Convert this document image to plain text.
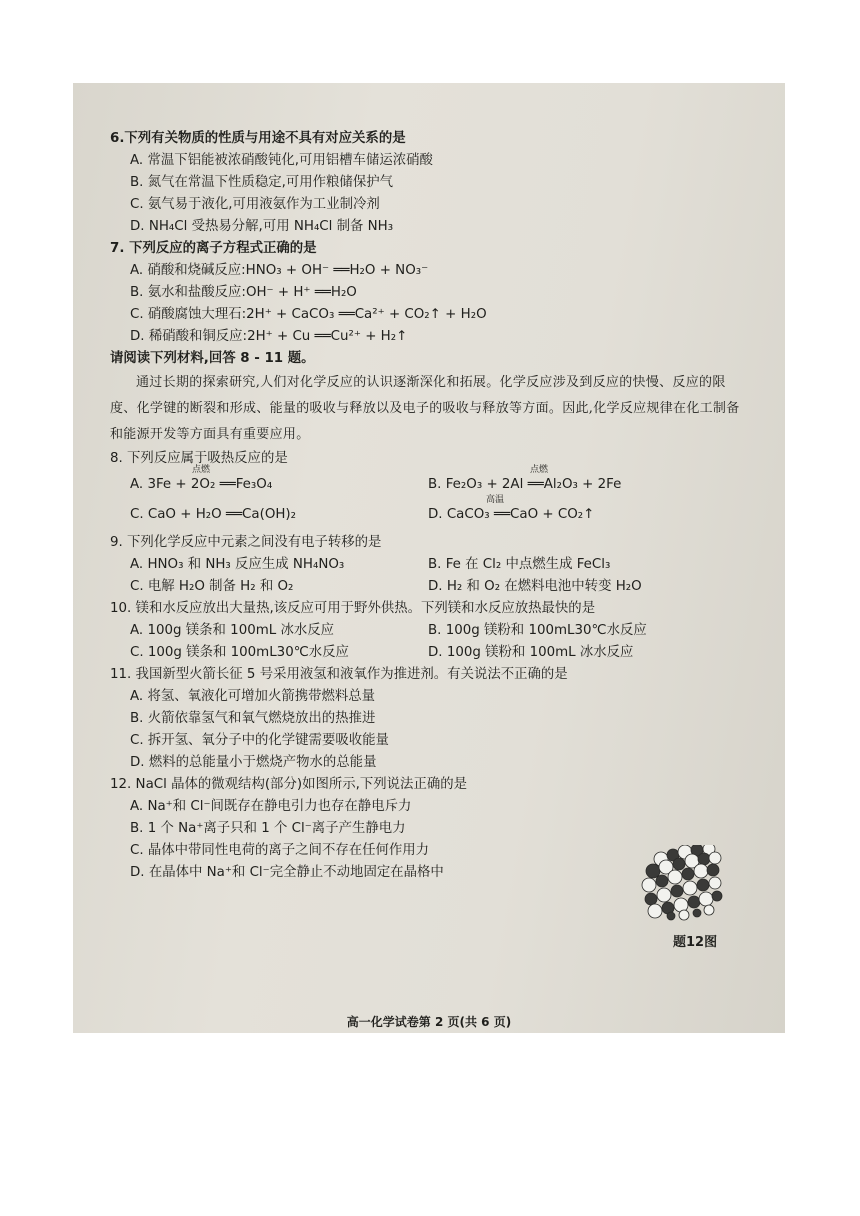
6.下列有关物质的性质与用途不具有对应关系的是
A. 常温下铝能被浓硝酸钝化,可用铝槽车储运浓硝酸
B. 氮气在常温下性质稳定,可用作粮储保护气
C. 氨气易于液化,可用液氨作为工业制冷剂
D. NH₄Cl 受热易分解,可用 NH₄Cl 制备 NH₃
7. 下列反应的离子方程式正确的是
A. 硝酸和烧碱反应:HNO₃ + OH⁻ ══H₂O + NO₃⁻
B. 氨水和盐酸反应:OH⁻ + H⁺ ══H₂O
C. 硝酸腐蚀大理石:2H⁺ + CaCO₃ ══Ca²⁺ + CO₂↑ + H₂O
D. 稀硝酸和铜反应:2H⁺ + Cu ══Cu²⁺ + H₂↑
请阅读下列材料,回答 8 - 11 题。
通过长期的探索研究,人们对化学反应的认识逐渐深化和拓展。化学反应涉及到反应的快慢、反应的限度、化学键的断裂和形成、能量的吸收与释放以及电子的吸收与释放等方面。因此,化学反应规律在化工制备和能源开发等方面具有重要应用。
8. 下列反应属于吸热反应的是
点燃
A. 3Fe + 2O₂ ══Fe₃O₄
点燃
B. Fe₂O₃ + 2Al ══Al₂O₃ + 2Fe
C. CaO + H₂O ══Ca(OH)₂
高温
D. CaCO₃ ══CaO + CO₂↑
9. 下列化学反应中元素之间没有电子转移的是
A. HNO₃ 和 NH₃ 反应生成 NH₄NO₃	B. Fe 在 Cl₂ 中点燃生成 FeCl₃
C. 电解 H₂O 制备 H₂ 和 O₂	D. H₂ 和 O₂ 在燃料电池中转变 H₂O
10. 镁和水反应放出大量热,该反应可用于野外供热。下列镁和水反应放热最快的是
A. 100g 镁条和 100mL 冰水反应	B. 100g 镁粉和 100mL30℃水反应
C. 100g 镁条和 100mL30℃水反应	D. 100g 镁粉和 100mL 冰水反应
11. 我国新型火箭长征 5 号采用液氢和液氧作为推进剂。有关说法不正确的是
A. 将氢、氧液化可增加火箭携带燃料总量
B. 火箭依靠氢气和氧气燃烧放出的热推进
C. 拆开氢、氧分子中的化学键需要吸收能量
D. 燃料的总能量小于燃烧产物水的总能量
12. NaCl 晶体的微观结构(部分)如图所示,下列说法正确的是
A. Na⁺和 Cl⁻间既存在静电引力也存在静电斥力
B. 1 个 Na⁺离子只和 1 个 Cl⁻离子产生静电力
C. 晶体中带同性电荷的离子之间不存在任何作用力
D. 在晶体中 Na⁺和 Cl⁻完全静止不动地固定在晶格中
题12图
高一化学试卷第 2 页(共 6 页)
